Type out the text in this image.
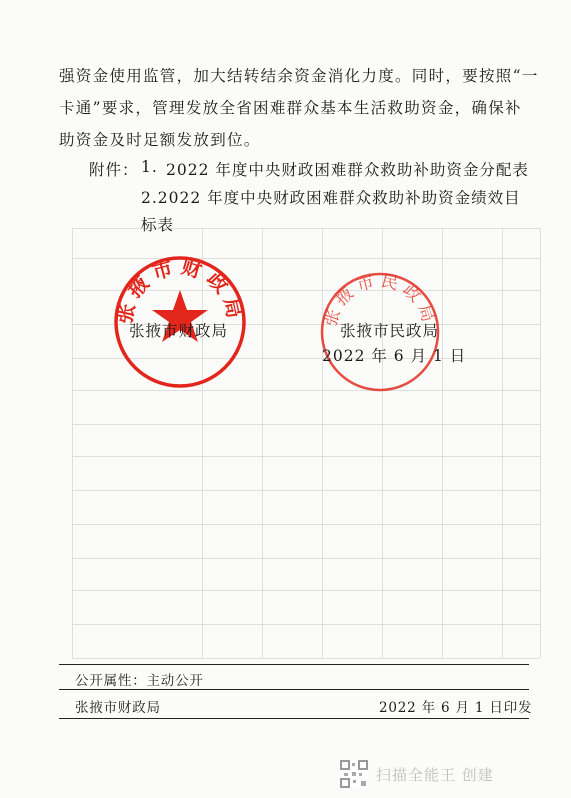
强资金使用监管，加大结转结余资金消化力度。同时，要按照“一
卡通”要求，管理发放全省困难群众基本生活救助资金，确保补
助资金及时足额发放到位。
附件： 1. 2022 年度中央财政困难群众救助补助资金分配表
2.2022 年度中央财政困难群众救助补助资金绩效目
标表
张掖市财政局	张掖市民政局
张掖市财政局	张掖市民政局
2022 年 6 月 1 日
公开属性：主动公开
张掖市财政局	2022 年 6 月 1 日印发
扫描全能王 创建
